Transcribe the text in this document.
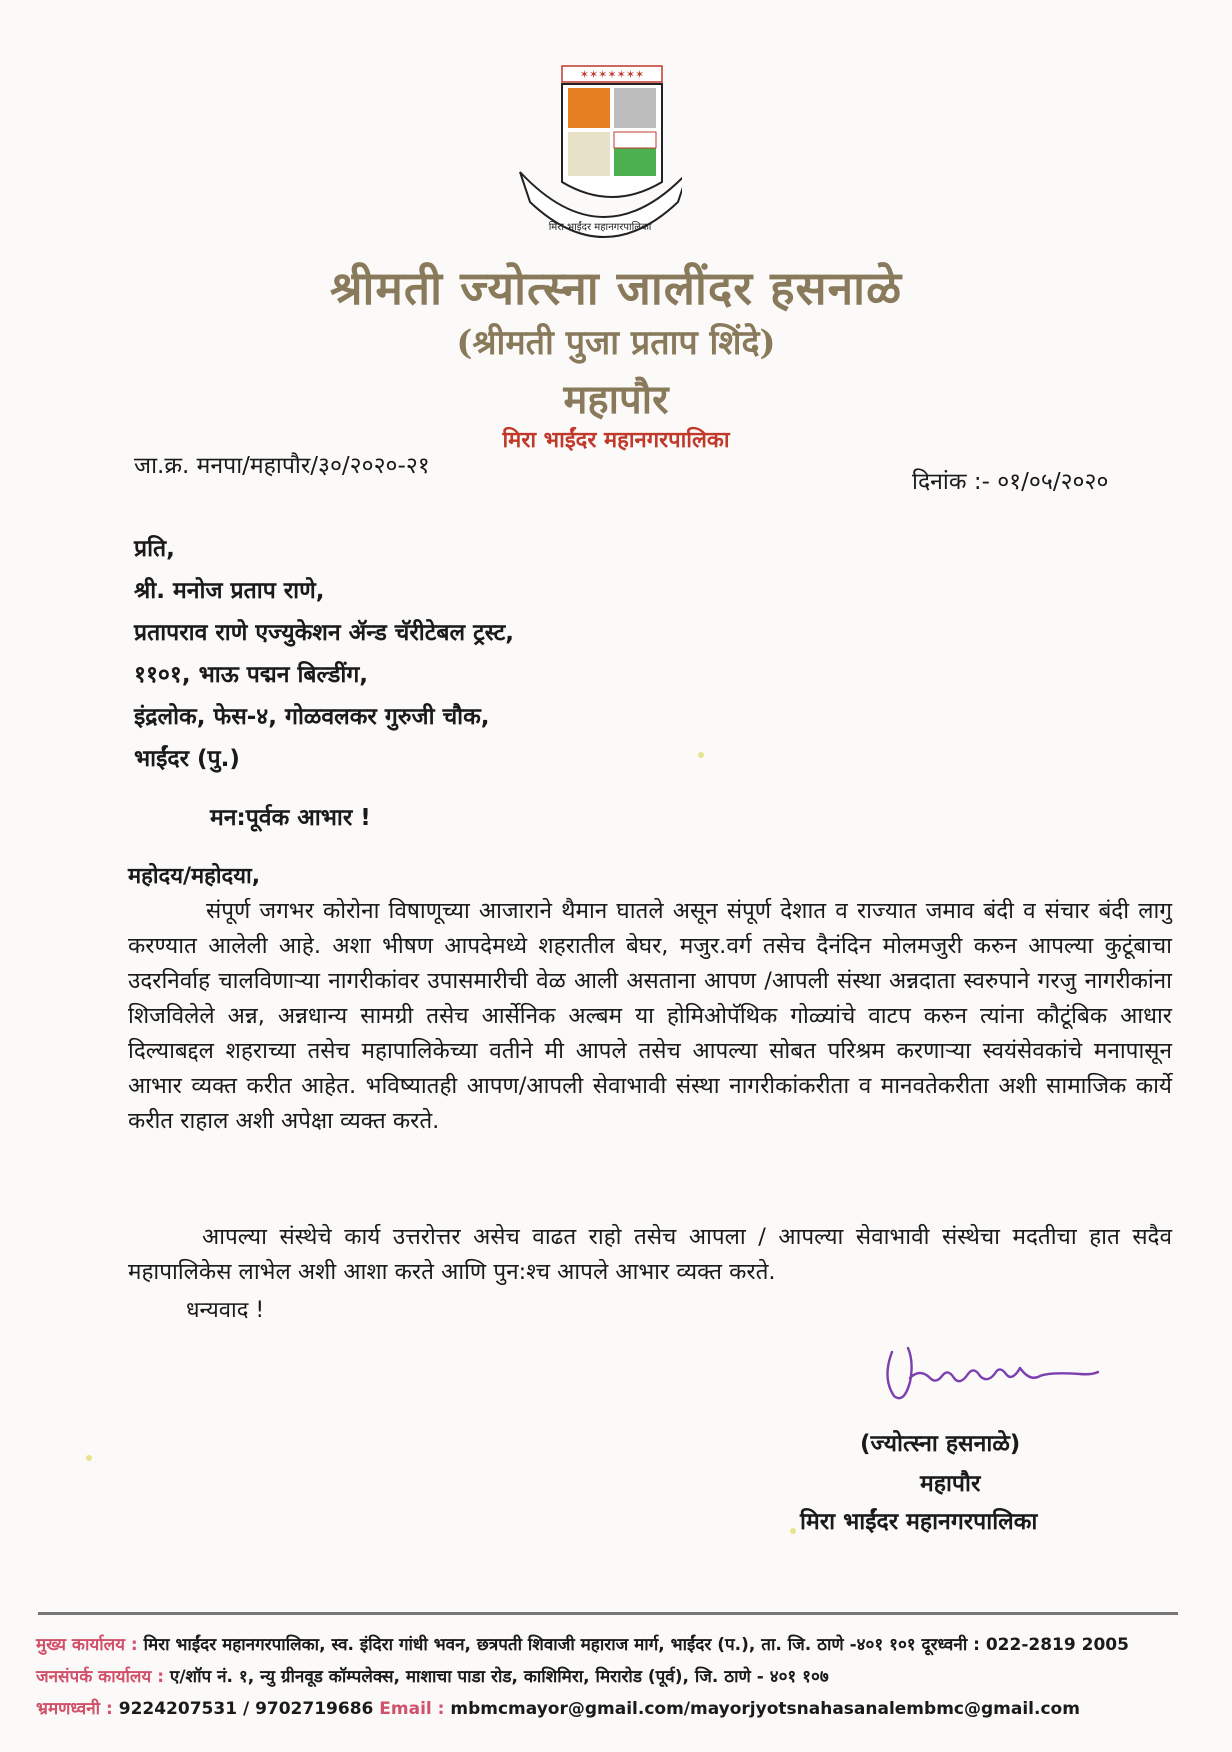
✶✶✶✶✶✶✶
मिरा भाईंदर महानगरपालिका
श्रीमती ज्योत्स्ना जालींदर हसनाळे
(श्रीमती पुजा प्रताप शिंदे)
महापौर
मिरा भाईंदर महानगरपालिका
जा.क्र. मनपा/महापौर/३०/२०२०-२१
दिनांक :- ०१/०५/२०२०
प्रति,
श्री. मनोज प्रताप राणे,
प्रतापराव राणे एज्युकेशन ॲन्ड चॅरीटेबल ट्रस्ट,
११०१, भाऊ पद्मन बिल्डींग,
इंद्रलोक, फेस-४, गोळवलकर गुरुजी चौक,
भाईंदर (पु.)
मन:पूर्वक आभार !
महोदय/महोदया,
संपूर्ण जगभर कोरोना विषाणूच्या आजाराने थैमान घातले असून संपूर्ण देशात व राज्यात जमाव बंदी व संचार बंदी लागु करण्यात आलेली आहे. अशा भीषण आपदेमध्ये शहरातील बेघर, मजुर.वर्ग तसेच दैनंदिन मोलमजुरी करुन आपल्या कुटूंबाचा उदरनिर्वाह चालविणाऱ्या नागरीकांवर उपासमारीची वेळ आली असताना आपण /आपली संस्था अन्नदाता स्वरुपाने गरजु नागरीकांना शिजविलेले अन्न, अन्नधान्य सामग्री तसेच आर्सेनिक अल्बम या होमिओपॅथिक गोळ्यांचे वाटप करुन त्यांना कौटूंबिक आधार दिल्याबद्दल शहराच्या तसेच महापालिकेच्या वतीने मी आपले तसेच आपल्या सोबत परिश्रम करणाऱ्या स्वयंसेवकांचे मनापासून आभार व्यक्त करीत आहेत. भविष्यातही आपण/आपली सेवाभावी संस्था नागरीकांकरीता व मानवतेकरीता अशी सामाजिक कार्ये करीत राहाल अशी अपेक्षा व्यक्त करते.
आपल्या संस्थेचे कार्य उत्तरोत्तर असेच वाढत राहो तसेच आपला / आपल्या सेवाभावी संस्थेचा मदतीचा हात सदैव महापालिकेस लाभेल अशी आशा करते आणि पुन:श्च आपले आभार व्यक्त करते.
धन्यवाद !
(ज्योत्स्ना हसनाळे)
महापौर
मिरा भाईंदर महानगरपालिका
मुख्य कार्यालय : मिरा भाईंदर महानगरपालिका, स्व. इंदिरा गांधी भवन, छत्रपती शिवाजी महाराज मार्ग, भाईंदर (प.), ता. जि. ठाणे -४०१ १०१ दूरध्वनी : 022-2819 2005
जनसंपर्क कार्यालय : ए/शॉप नं. १, न्यु ग्रीनवूड कॉम्पलेक्स, माशाचा पाडा रोड, काशिमिरा, मिरारोड (पूर्व), जि. ठाणे - ४०१ १०७
भ्रमणध्वनी : 9224207531 / 9702719686 Email : mbmcmayor@gmail.com/mayorjyotsnahasanalembmc@gmail.com
